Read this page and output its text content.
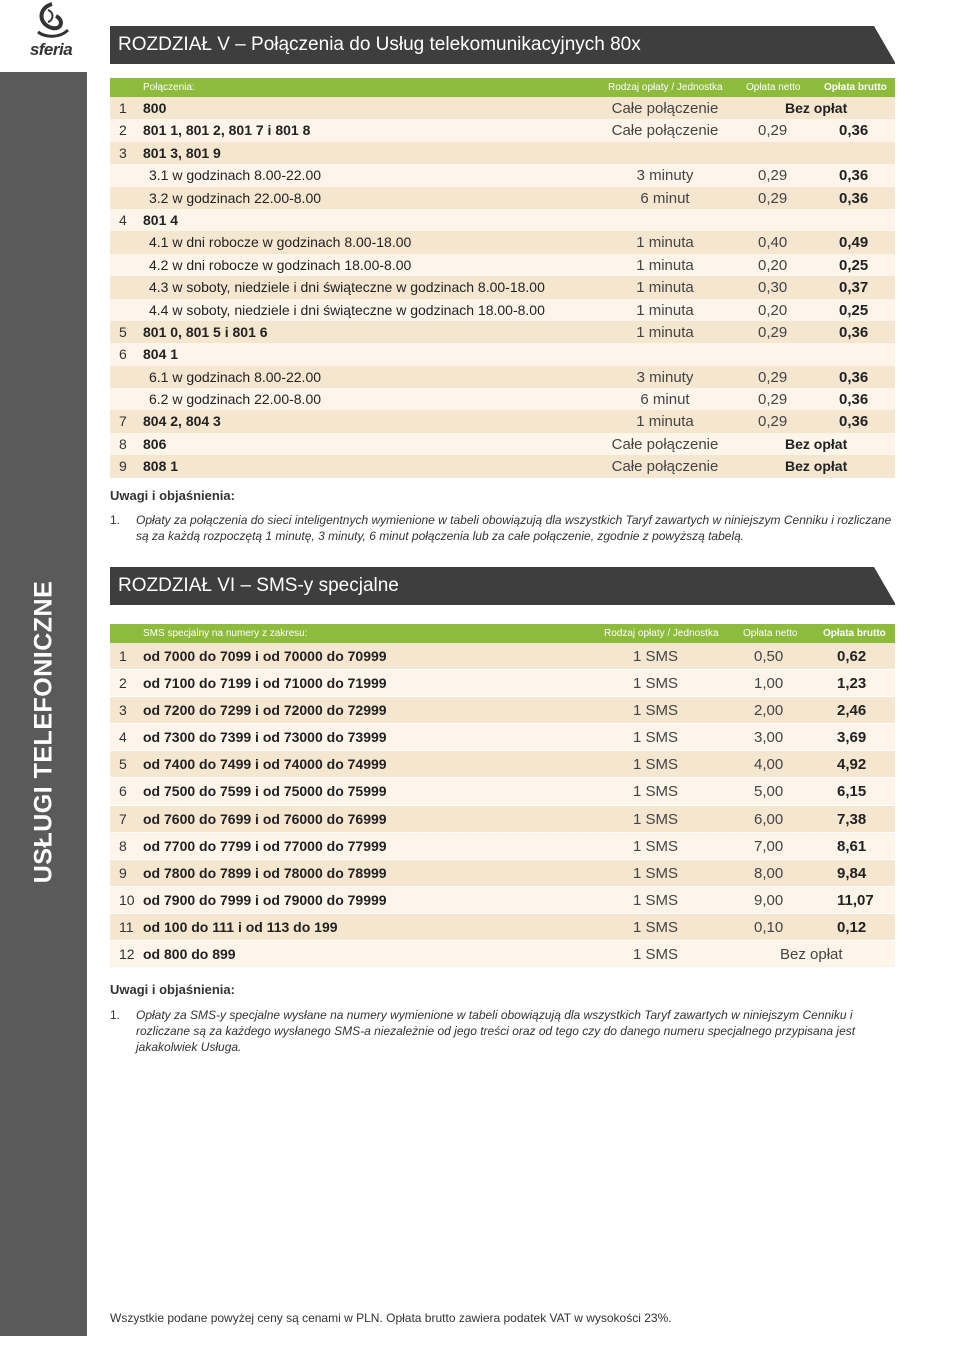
sferia
USŁUGI TELEFONICZNE
16
ROZDZIAŁ V – Połączenia do Usług telekomunikacyjnych 80x
Połączenia:	Rodzaj opłaty / Jednostka Opłata netto Opłata brutto
1 800	Całe połączenie	Bez opłat
2 801 1, 801 2, 801 7 i 801 8	Całe połączenie	0,29	0,36
3 801 3, 801 9
3.1 w godzinach 8.00-22.00	3 minuty	0,29	0,36
3.2 w godzinach 22.00-8.00	6 minut	0,29	0,36
4 801 4
4.1 w dni robocze w godzinach 8.00-18.00	1 minuta	0,40	0,49
4.2 w dni robocze w godzinach 18.00-8.00	1 minuta	0,20	0,25
4.3 w soboty, niedziele i dni świąteczne w godzinach 8.00-18.00	1 minuta	0,30	0,37
4.4 w soboty, niedziele i dni świąteczne w godzinach 18.00-8.00	1 minuta	0,20	0,25
5 801 0, 801 5 i 801 6	1 minuta	0,29	0,36
6 804 1
6.1 w godzinach 8.00-22.00	3 minuty	0,29	0,36
6.2 w godzinach 22.00-8.00	6 minut	0,29	0,36
7 804 2, 804 3	1 minuta	0,29	0,36
8 806	Całe połączenie	Bez opłat
9 808 1	Całe połączenie	Bez opłat
Uwagi i objaśnienia:
1.	Opłaty za połączenia do sieci inteligentnych wymienione w tabeli obowiązują dla wszystkich Taryf zawartych w niniejszym Cenniku i rozliczane są za każdą rozpoczętą 1 minutę, 3 minuty, 6 minut połączenia lub za całe połączenie, zgodnie z powyższą tabelą.
ROZDZIAŁ VI – SMS-y specjalne
SMS specjalny na numery z zakresu:	Rodzaj opłaty / Jednostka Opłata netto	Opłata brutto
1 od 7000 do 7099 i od 70000 do 70999	1 SMS	0,50	0,62
2 od 7100 do 7199 i od 71000 do 71999	1 SMS	1,00	1,23
3 od 7200 do 7299 i od 72000 do 72999	1 SMS	2,00	2,46
4 od 7300 do 7399 i od 73000 do 73999	1 SMS	3,00	3,69
5 od 7400 do 7499 i od 74000 do 74999	1 SMS	4,00	4,92
6 od 7500 do 7599 i od 75000 do 75999	1 SMS	5,00	6,15
7 od 7600 do 7699 i od 76000 do 76999	1 SMS	6,00	7,38
8 od 7700 do 7799 i od 77000 do 77999	1 SMS	7,00	8,61
9 od 7800 do 7899 i od 78000 do 78999	1 SMS	8,00	9,84
10 od 7900 do 7999 i od 79000 do 79999	1 SMS	9,00	11,07
11 od 100 do 111 i od 113 do 199	1 SMS	0,10	0,12
12 od 800 do 899	1 SMS	Bez opłat
Uwagi i objaśnienia:
1.	Opłaty za SMS-y specjalne wysłane na numery wymienione w tabeli obowiązują dla wszystkich Taryf zawartych w niniejszym Cenniku i rozliczane są za każdego wysłanego SMS-a niezależnie od jego treści oraz od tego czy do danego numeru specjalnego przypisana jest jakakolwiek Usługa.
Wszystkie podane powyżej ceny są cenami w PLN. Opłata brutto zawiera podatek VAT w wysokości 23%.
